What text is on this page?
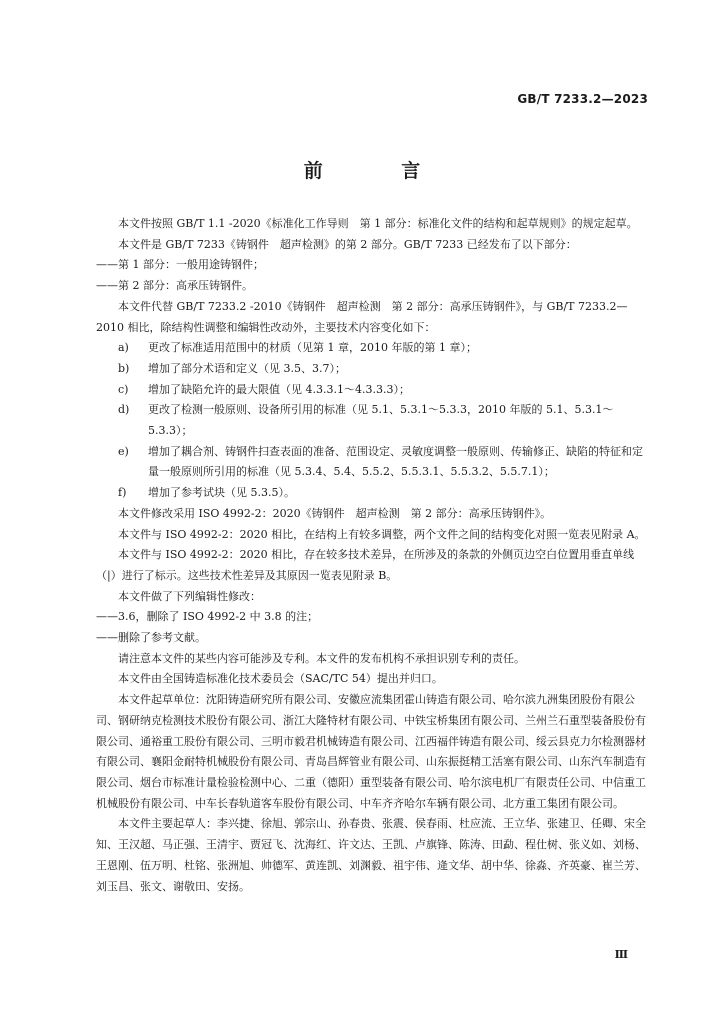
GB/T 7233.2—2023
前 言

本文件按照 GB/T 1.1 -2020《标准化工作导则　第 1 部分：标准化文件的结构和起草规则》的规定起草。

本文件是 GB/T 7233《铸钢件　超声检测》的第 2 部分。GB/T 7233 已经发布了以下部分：

——第 1 部分：一般用途铸钢件；

——第 2 部分：高承压铸钢件。

本文件代替 GB/T 7233.2 -2010《铸钢件　超声检测　第 2 部分：高承压铸钢件》，与 GB/T 7233.2—2010 相比，除结构性调整和编辑性改动外，主要技术内容变化如下：

a)	更改了标准适用范围中的材质（见第 1 章，2010 年版的第 1 章）；
b)	增加了部分术语和定义（见 3.5、3.7）；
c)	增加了缺陷允许的最大限值（见 4.3.3.1～4.3.3.3）；
d)	更改了检测一般原则、设备所引用的标准（见 5.1、5.3.1～5.3.3，2010 年版的 5.1、5.3.1～5.3.3）；
e)	增加了耦合剂、铸钢件扫查表面的准备、范围设定、灵敏度调整一般原则、传输修正、缺陷的特征和定量一般原则所引用的标准（见 5.3.4、5.4、5.5.2、5.5.3.1、5.5.3.2、5.5.7.1）；
f)	增加了参考试块（见 5.3.5）。

本文件修改采用 ISO 4992-2：2020《铸钢件　超声检测　第 2 部分：高承压铸钢件》。

本文件与 ISO 4992-2：2020 相比，在结构上有较多调整，两个文件之间的结构变化对照一览表见附录 A。

本文件与 ISO 4992-2：2020 相比，存在较多技术差异，在所涉及的条款的外侧页边空白位置用垂直单线（|）进行了标示。这些技术性差异及其原因一览表见附录 B。

本文件做了下列编辑性修改：

——3.6，删除了 ISO 4992-2 中 3.8 的注；

——删除了参考文献。

请注意本文件的某些内容可能涉及专利。本文件的发布机构不承担识别专利的责任。

本文件由全国铸造标准化技术委员会（SAC/TC 54）提出并归口。

本文件起草单位：沈阳铸造研究所有限公司、安徽应流集团霍山铸造有限公司、哈尔滨九洲集团股份有限公司、钢研纳克检测技术股份有限公司、浙江大隆特材有限公司、中铁宝桥集团有限公司、兰州兰石重型装备股份有限公司、通裕重工股份有限公司、三明市毅君机械铸造有限公司、江西福伴铸造有限公司、绥云县克力尔检测器材有限公司、襄阳金耐特机械股份有限公司、青岛昌辉管业有限公司、山东振挺精工活塞有限公司、山东汽车制造有限公司、烟台市标准计量检验检测中心、二重（德阳）重型装备有限公司、哈尔滨电机厂有限责任公司、中信重工机械股份有限公司、中车长春轨道客车股份有限公司、中车齐齐哈尔车辆有限公司、北方重工集团有限公司。

本文件主要起草人：李兴捷、徐旭、郭宗山、孙春贵、张震、侯春雨、杜应流、王立华、张建卫、任卿、宋全知、王汉超、马正强、王清宇、贾冠飞、沈海红、许文达、王凯、卢旗锋、陈涛、田勐、程仕树、张义如、刘杨、王恩刚、伍万明、杜铭、张洲旭、帅德军、黄连凯、刘渊毅、祖宇伟、逄文华、胡中华、徐淼、齐英豪、崔兰芳、刘玉昌、张文、谢敬田、安扬。

Ⅲ
